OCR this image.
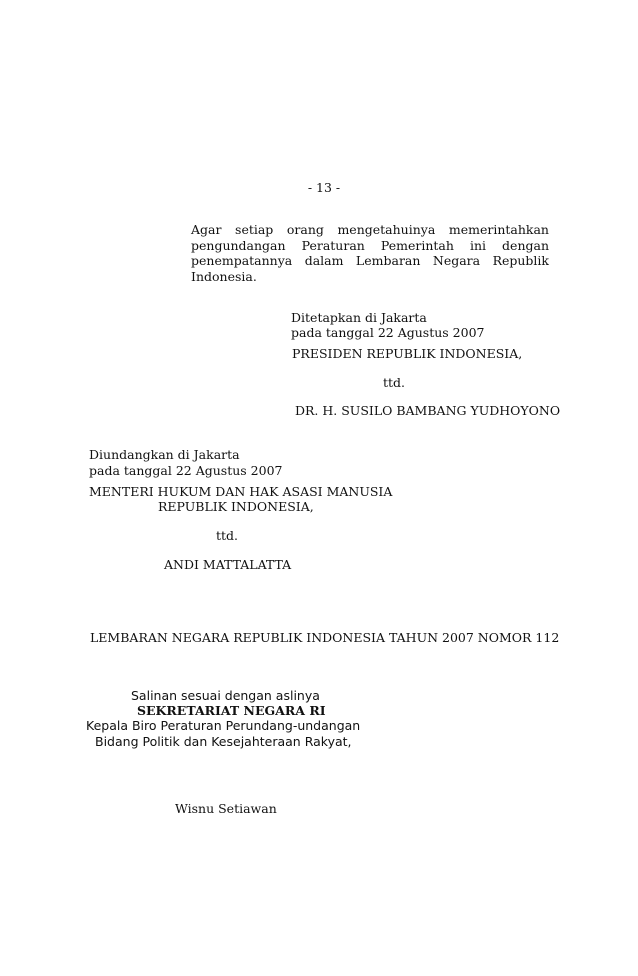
- 13 -
Agar setiap orang mengetahuinya memerintahkan
pengundangan Peraturan Pemerintah ini dengan
penempatannya dalam Lembaran Negara Republik
Indonesia.
Ditetapkan di Jakarta
pada tanggal 22 Agustus 2007
PRESIDEN REPUBLIK INDONESIA,
ttd.
DR. H. SUSILO BAMBANG YUDHOYONO
Diundangkan di Jakarta
pada tanggal 22 Agustus 2007
MENTERI HUKUM DAN HAK ASASI MANUSIA
REPUBLIK INDONESIA,
ttd.
ANDI MATTALATTA
LEMBARAN NEGARA REPUBLIK INDONESIA TAHUN 2007 NOMOR 112
Salinan sesuai dengan aslinya
SEKRETARIAT NEGARA RI
Kepala Biro Peraturan Perundang-undangan
Bidang Politik dan Kesejahteraan Rakyat,
Wisnu Setiawan
